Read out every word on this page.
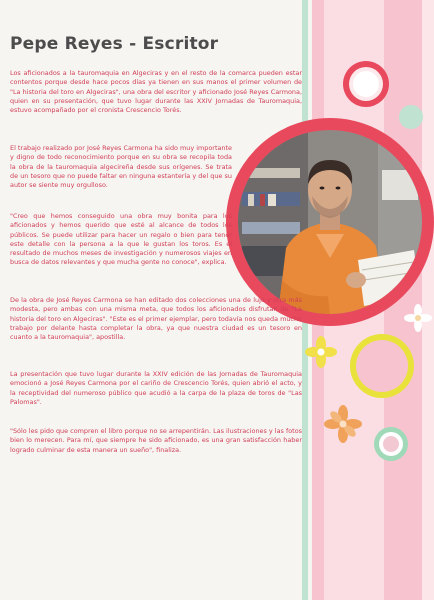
Pepe Reyes - Escritor

Los aficionados a la tauromaquia en Algeciras y en el resto de la comarca pueden estar contentos porque desde hace pocos días ya tienen en sus manos el primer volumen de "La historia del toro en Algeciras", una obra del escritor y aficionado José Reyes Carmona, quien en su presentación, que tuvo lugar durante las XXIV Jornadas de Tauromaquia, estuvo acompañado por el cronista Crescencio Torés.

El trabajo realizado por José Reyes Carmona ha sido muy importante y digno de todo reconocimiento porque en su obra se recopila toda la obra de la tauromaquia algecireña desde sus orígenes. Se trata de un tesoro que no puede faltar en ninguna estantería y del que su autor se siente muy orgulloso.

"Creo que hemos conseguido una obra muy bonita para los aficionados y hemos querido que esté al alcance de todos los públicos. Se puede utilizar para hacer un regalo o bien para tener este detalle con la persona a la que le gustan los toros. Es el resultado de muchos meses de investigación y numerosos viajes en busca de datos relevantes y que mucha gente no conoce", explica.

De la obra de José Reyes Carmona se han editado dos colecciones una de lujo y otra más modesta, pero ambas con una misma meta, que todos los aficionados disfrutan de "La historia del toro en Algeciras". "Este es el primer ejemplar, pero todavía nos queda mucho trabajo por delante hasta completar la obra, ya que nuestra ciudad es un tesoro en cuanto a la tauromaquia", apostilla.

La presentación que tuvo lugar durante la XXIV edición de las Jornadas de Tauromaquia emocionó a José Reyes Carmona por el cariño de Crescencio Torés, quien abrió el acto, y la receptividad del numeroso público que acudió a la carpa de la plaza de toros de "Las Palomas".

"Sólo les pido que compren el libro porque no se arrepentirán. Las ilustraciones y las fotos bien lo merecen. Para mí, que siempre he sido aficionado, es una gran satisfacción haber logrado culminar de esta manera un sueño", finaliza.
